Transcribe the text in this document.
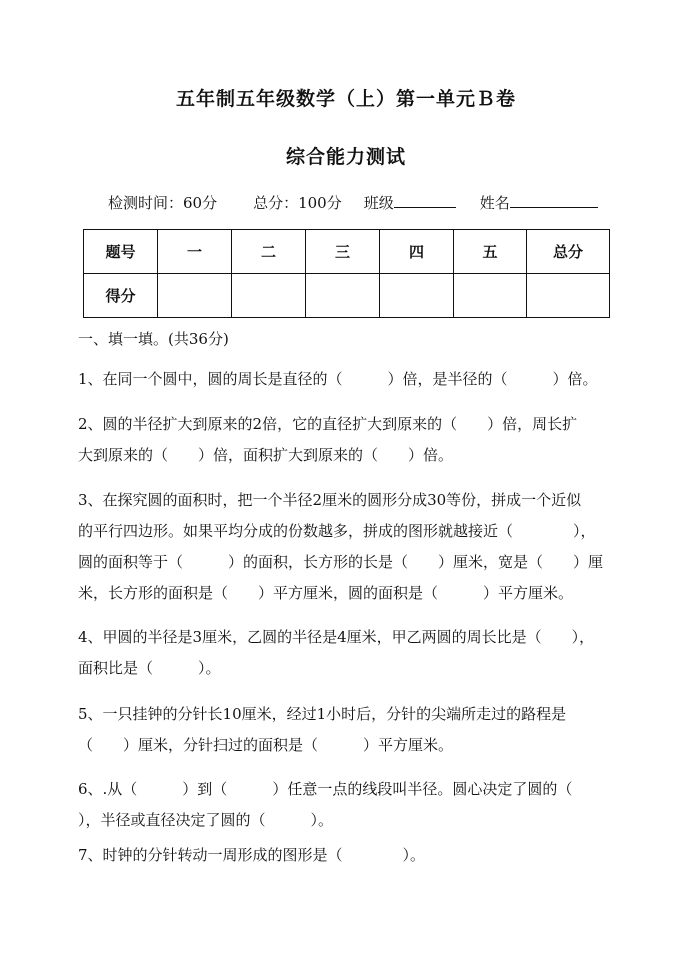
五年制五年级数学（上）第一单元Ｂ卷
综合能力测试
检测时间：60分 总分：100分 班级	姓名
题号	一	二	三	四	五	总分
得分						
一、填一填。(共36分)
1、在同一个圆中，圆的周长是直径的（　　　）倍，是半径的（　　　）倍。
2、圆的半径扩大到原来的2倍，它的直径扩大到原来的（　　）倍，周长扩
大到原来的（　　）倍，面积扩大到原来的（　　）倍。
3、在探究圆的面积时，把一个半径2厘米的圆形分成30等份，拼成一个近似
的平行四边形。如果平均分成的份数越多，拼成的图形就越接近（　　　　），
圆的面积等于（　　　）的面积，长方形的长是（　　）厘米，宽是（　　）厘
米，长方形的面积是（　　）平方厘米，圆的面积是（　　　）平方厘米。
4、甲圆的半径是3厘米，乙圆的半径是4厘米，甲乙两圆的周长比是（　　），
面积比是（　　　）。
5、一只挂钟的分针长10厘米，经过1小时后，分针的尖端所走过的路程是
（　　）厘米，分针扫过的面积是（　　　）平方厘米。
6、.从（　　　）到（　　　）任意一点的线段叫半径。圆心决定了圆的（
），半径或直径决定了圆的（　　　）。
7、时钟的分针转动一周形成的图形是（　　　　）。
